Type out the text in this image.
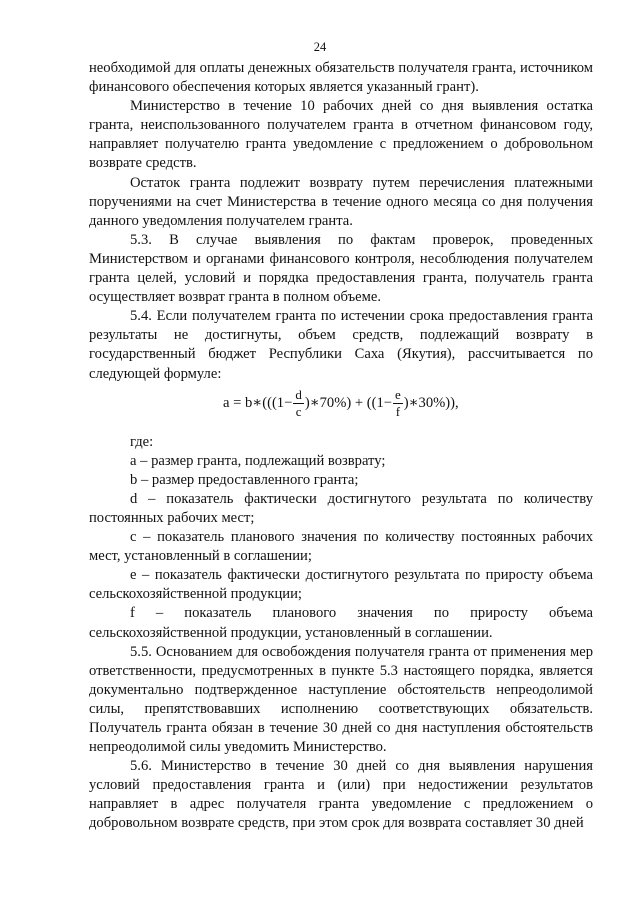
24
необходимой для оплаты денежных обязательств получателя гранта, источником финансового обеспечения которых является указанный грант).
Министерство в течение 10 рабочих дней со дня выявления остатка гранта, неиспользованного получателем гранта в отчетном финансовом году, направляет получателю гранта уведомление с предложением о добровольном возврате средств.
Остаток гранта подлежит возврату путем перечисления платежными поручениями на счет Министерства в течение одного месяца со дня получения данного уведомления получателем гранта.
5.3. В случае выявления по фактам проверок, проведенных Министерством и органами финансового контроля, несоблюдения получателем гранта целей, условий и порядка предоставления гранта, получатель гранта осуществляет возврат гранта в полном объеме.
5.4. Если получателем гранта по истечении срока предоставления гранта результаты не достигнуты, объем средств, подлежащий возврату в государственный бюджет Республики Саха (Якутия), рассчитывается по следующей формуле:
a = b∗(((1− $\frac{d}{c}$ )∗70%) + (($1- \frac{e}{f}$ )∗30%)),
где:
a – размер гранта, подлежащий возврату;
b – размер предоставленного гранта;
d – показатель фактически достигнутого результата по количеству постоянных рабочих мест;
c – показатель планового значения по количеству постоянных рабочих мест, установленный в соглашении;
e – показатель фактически достигнутого результата по приросту объема сельскохозяйственной продукции;
f – показатель планового значения по приросту объема сельскохозяйственной продукции, установленный в соглашении.
5.5. Основанием для освобождения получателя гранта от применения мер ответственности, предусмотренных в пункте 5.3 настоящего порядка, является документально подтвержденное наступление обстоятельств непреодолимой силы, препятствовавших исполнению соответствующих обязательств. Получатель гранта обязан в течение 30 дней со дня наступления обстоятельств непреодолимой силы уведомить Министерство.
5.6. Министерство в течение 30 дней со дня выявления нарушения условий предоставления гранта и (или) при недостижении результатов направляет в адрес получателя гранта уведомление с предложением о добровольном возврате средств, при этом срок для возврата составляет 30 дней
